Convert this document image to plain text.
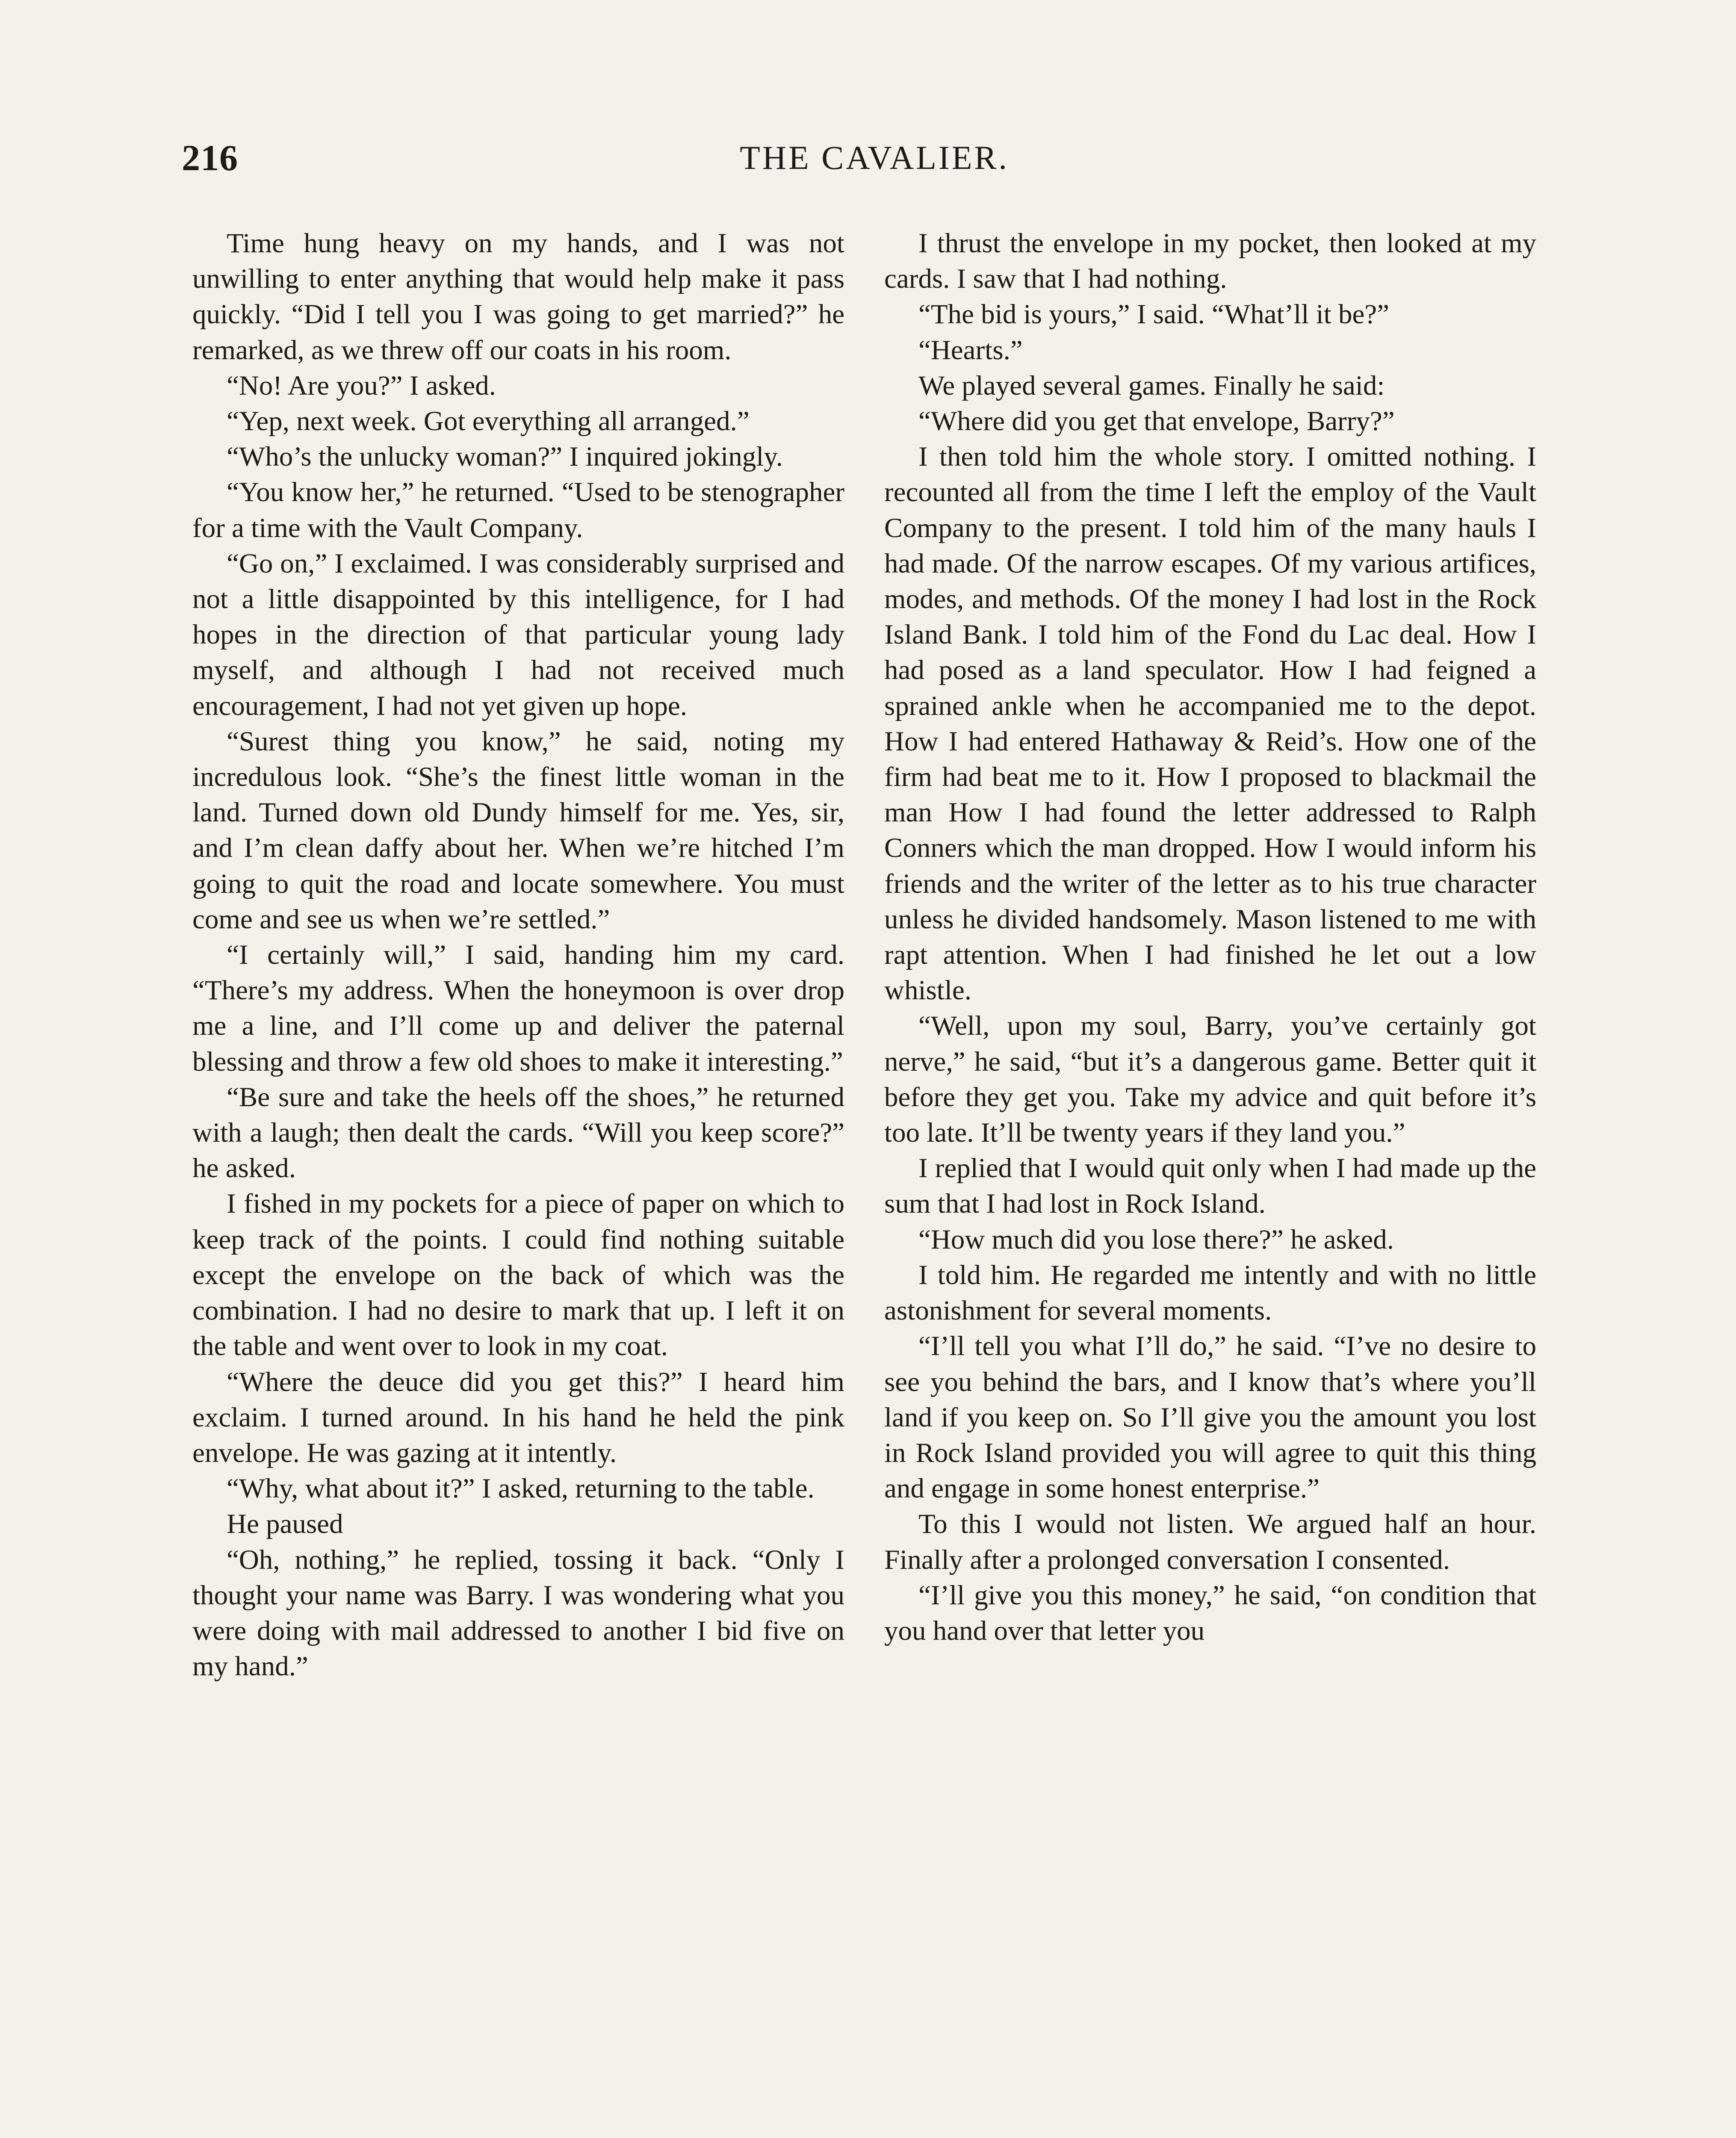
216	THE CAVALIER.

Time hung heavy on my hands, and I was not unwilling to enter anything that would help make it pass quickly. “Did I tell you I was going to get married?” he remarked, as we threw off our coats in his room.

“No! Are you?” I asked.

“Yep, next week. Got everything all arranged.”

“Who’s the unlucky woman?” I inquired jokingly.

“You know her,” he returned. “Used to be stenographer for a time with the Vault Company.

“Go on,” I exclaimed. I was considerably surprised and not a little disappointed by this intelligence, for I had hopes in the direction of that particular young lady myself, and although I had not received much encouragement, I had not yet given up hope.

“Surest thing you know,” he said, noting my incredulous look. “She’s the finest little woman in the land. Turned down old Dundy himself for me. Yes, sir, and I’m clean daffy about her. When we’re hitched I’m going to quit the road and locate somewhere. You must come and see us when we’re settled.”

“I certainly will,” I said, handing him my card. “There’s my address. When the honeymoon is over drop me a line, and I’ll come up and deliver the paternal blessing and throw a few old shoes to make it interesting.”

“Be sure and take the heels off the shoes,” he returned with a laugh; then dealt the cards. “Will you keep score?” he asked.

I fished in my pockets for a piece of paper on which to keep track of the points. I could find nothing suitable except the envelope on the back of which was the combination. I had no desire to mark that up. I left it on the table and went over to look in my coat.

“Where the deuce did you get this?” I heard him exclaim. I turned around. In his hand he held the pink envelope. He was gazing at it intently.

“Why, what about it?” I asked, returning to the table.

He paused

“Oh, nothing,” he replied, tossing it back. “Only I thought your name was Barry. I was wondering what you were doing with mail addressed to another I bid five on my hand.”

I thrust the envelope in my pocket, then looked at my cards. I saw that I had nothing.

“The bid is yours,” I said. “What’ll it be?”

“Hearts.”

We played several games. Finally he said:

“Where did you get that envelope, Barry?”

I then told him the whole story. I omitted nothing. I recounted all from the time I left the employ of the Vault Company to the present. I told him of the many hauls I had made. Of the narrow escapes. Of my various artifices, modes, and methods. Of the money I had lost in the Rock Island Bank. I told him of the Fond du Lac deal. How I had posed as a land speculator. How I had feigned a sprained ankle when he accompanied me to the depot. How I had entered Hathaway & Reid’s. How one of the firm had beat me to it. How I proposed to blackmail the man How I had found the letter addressed to Ralph Conners which the man dropped. How I would inform his friends and the writer of the letter as to his true character unless he divided handsomely. Mason listened to me with rapt attention. When I had finished he let out a low whistle.

“Well, upon my soul, Barry, you’ve certainly got nerve,” he said, “but it’s a dangerous game. Better quit it before they get you. Take my advice and quit before it’s too late. It’ll be twenty years if they land you.”

I replied that I would quit only when I had made up the sum that I had lost in Rock Island.

“How much did you lose there?” he asked.

I told him. He regarded me intently and with no little astonishment for several moments.

“I’ll tell you what I’ll do,” he said. “I’ve no desire to see you behind the bars, and I know that’s where you’ll land if you keep on. So I’ll give you the amount you lost in Rock Island provided you will agree to quit this thing and engage in some honest enterprise.”

To this I would not listen. We argued half an hour. Finally after a prolonged conversation I consented.

“I’ll give you this money,” he said, “on condition that you hand over that letter you
